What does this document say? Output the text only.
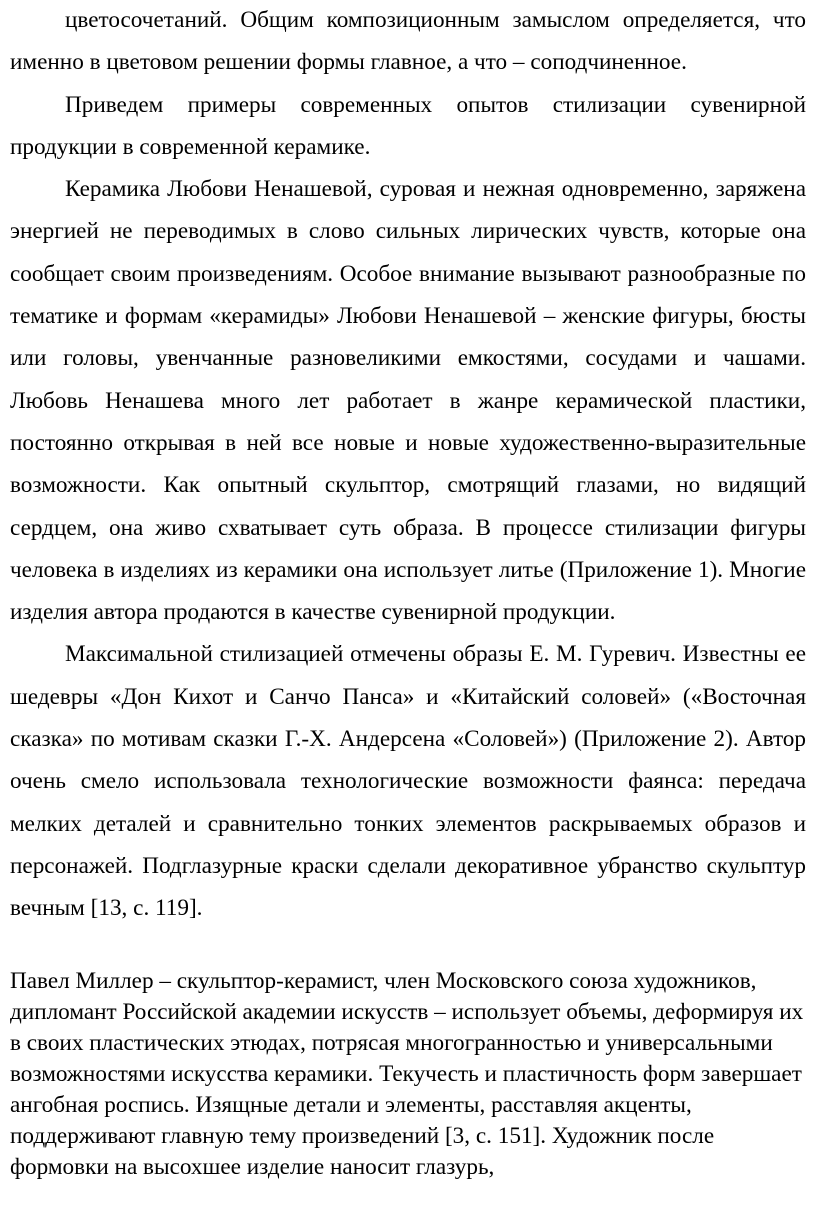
цветосочетаний. Общим композиционным замыслом определяется, что именно в цветовом решении формы главное, а что – соподчиненное.

Приведем примеры современных опытов стилизации сувенирной продукции в современной керамике.

Керамика Любови Ненашевой, суровая и нежная одновременно, заряжена энергией не переводимых в слово сильных лирических чувств, которые она сообщает своим произведениям. Особое внимание вызывают разнообразные по тематике и формам «керамиды» Любови Ненашевой – женские фигуры, бюсты или головы, увенчанные разновеликими емкостями, сосудами и чашами. Любовь Ненашева много лет работает в жанре керамической пластики, постоянно открывая в ней все новые и новые художественно-выразительные возможности. Как опытный скульптор, смотрящий глазами, но видящий сердцем, она живо схватывает суть образа. В процессе стилизации фигуры человека в изделиях из керамики она использует литье (Приложение 1). Многие изделия автора продаются в качестве сувенирной продукции.

Максимальной стилизацией отмечены образы Е. М. Гуревич. Известны ее шедевры «Дон Кихот и Санчо Панса» и «Китайский соловей» («Восточная сказка» по мотивам сказки Г.-Х. Андерсена «Соловей») (Приложение 2). Автор очень смело использовала технологические возможности фаянса: передача мелких деталей и сравнительно тонких элементов раскрываемых образов и персонажей. Подглазурные краски сделали декоративное убранство скульптур вечным [13, с. 119].

Павел Миллер – скульптор-керамист, член Московского союза художников, дипломант Российской академии искусств – использует объемы, деформируя их в своих пластических этюдах, потрясая многогранностью и универсальными возможностями искусства керамики. Текучесть и пластичность форм завершает ангобная роспись. Изящные детали и элементы, расставляя акценты, поддерживают главную тему произведений [3, с. 151]. Художник после формовки на высохшее изделие наносит глазурь,
